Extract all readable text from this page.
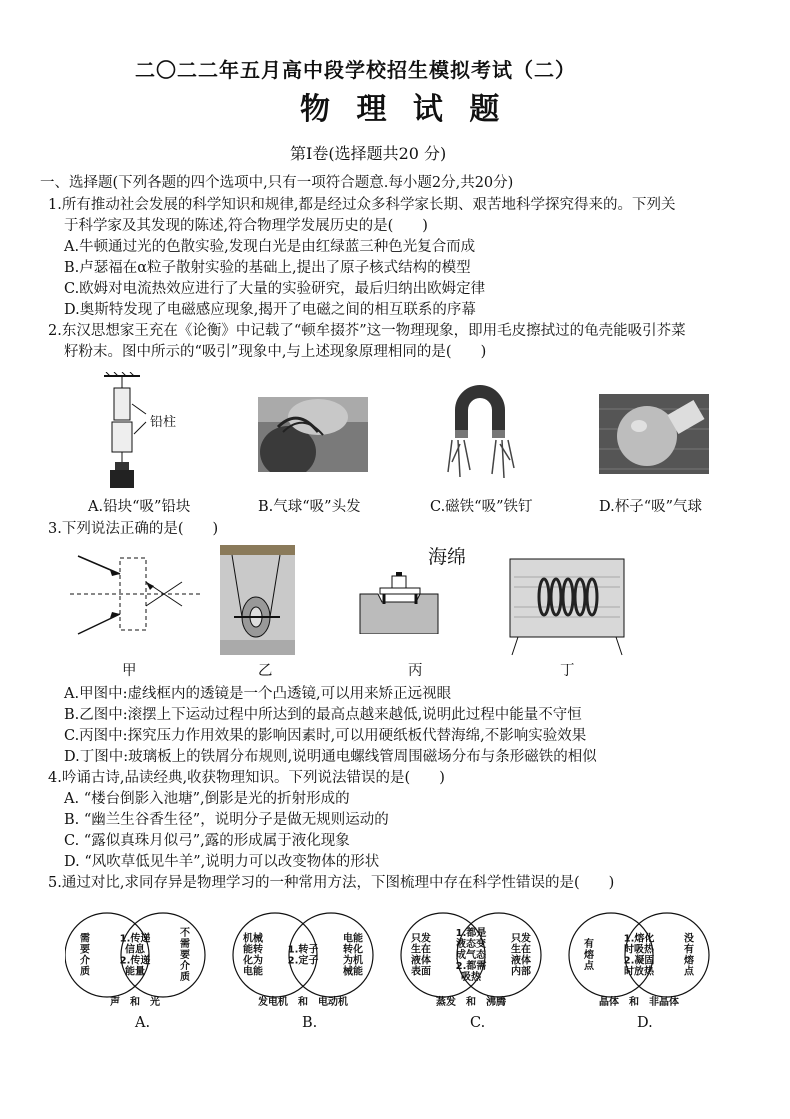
二〇二二年五月高中段学校招生模拟考试（二）
物 理 试 题
第Ⅰ卷(选择题共20 分)
一、选择题(下列各题的四个选项中,只有一项符合题意.每小题2分,共20分)
1.所有推动社会发展的科学知识和规律,都是经过众多科学家长期、艰苦地科学探究得来的。下列关
于科学家及其发现的陈述,符合物理学发展历史的是(　　)
A.牛顿通过光的色散实验,发现白光是由红绿蓝三种色光复合而成
B.卢瑟福在α粒子散射实验的基础上,提出了原子核式结构的模型
C.欧姆对电流热效应进行了大量的实验研究，最后归纳出欧姆定律
D.奥斯特发现了电磁感应现象,揭开了电磁之间的相互联系的序幕
2.东汉思想家王充在《论衡》中记载了“顿牟掇芥”这一物理现象，即用毛皮擦拭过的龟壳能吸引芥菜
籽粉末。图中所示的“吸引”现象中,与上述现象原理相同的是(　　)
铅柱
A.铅块“吸”铅块	B.气球“吸”头发	C.磁铁“吸”铁钉	D.杯子“吸”气球
3.下列说法正确的是(　　)
海绵
甲	乙	丙	丁
A.甲图中:虚线框内的透镜是一个凸透镜,可以用来矫正远视眼
B.乙图中:滚摆上下运动过程中所达到的最高点越来越低,说明此过程中能量不守恒
C.丙图中:探究压力作用效果的影响因素时,可以用硬纸板代替海绵,不影响实验效果
D.丁图中:玻璃板上的铁屑分布规则,说明通电螺线管周围磁场分布与条形磁铁的相似
4.吟诵古诗,品读经典,收获物理知识。下列说法错误的是(　　)
A. “楼台倒影入池塘”,倒影是光的折射形成的
B. “幽兰生谷香生径”，说明分子是做无规则运动的
C. “露似真珠月似弓”,露的形成属于液化现象
D. “风吹草低见牛羊”,说明力可以改变物体的形状
5.通过对比,求同存异是物理学习的一种常用方法，下图梳理中存在科学性错误的是(　　)
需
要
介
质
1.传递
信息
2.传递
能量
不
需
要
介
质
声　和　光
机械
能转
化为
电能
1.转子
2.定子
电能
转化
为机
械能
发电机　和　电动机
只发
生在
液体
表面
1.都是
液态变
成气态
2.都需
吸热
只发
生在
液体
内部
蒸发　和　沸腾
有
熔
点
1.熔化
时吸热
2.凝固
时放热
没
有
熔
点
晶体　和　非晶体
A.	B.	C.	D.
